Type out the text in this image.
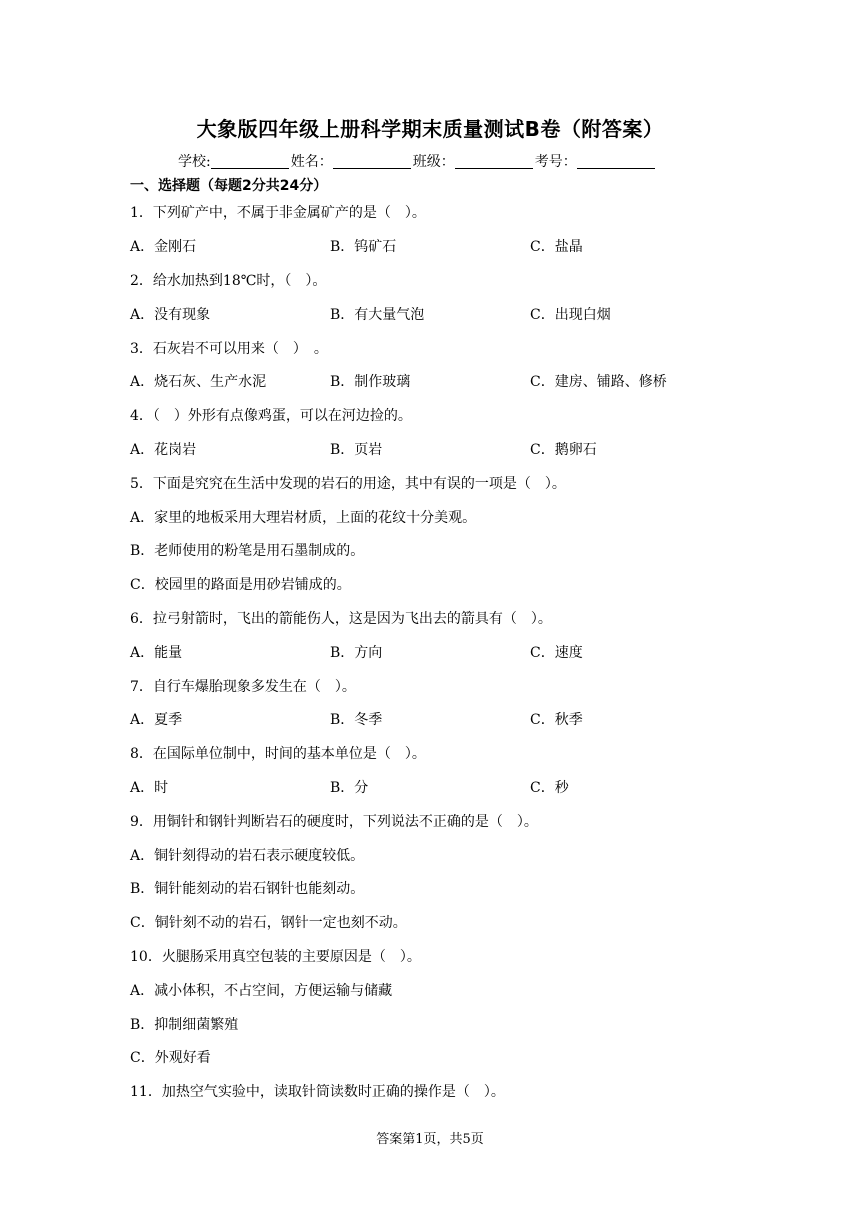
大象版四年级上册科学期末质量测试B卷（附答案）
学校:	姓名：	班级：	考号：
一、选择题（每题2分共24分）
1．下列矿产中，不属于非金属矿产的是（　）。
A．金刚石	B．钨矿石	C．盐晶
2．给水加热到18℃时，（　）。
A．没有现象	B．有大量气泡	C．出现白烟
3．石灰岩不可以用来（　）　。
A．烧石灰、生产水泥	B．制作玻璃	C．建房、铺路、修桥
4．（　）外形有点像鸡蛋，可以在河边捡的。
A．花岗岩	B．页岩	C．鹅卵石
5．下面是究究在生活中发现的岩石的用途，其中有误的一项是（　）。
A．家里的地板采用大理岩材质，上面的花纹十分美观。
B．老师使用的粉笔是用石墨制成的。
C．校园里的路面是用砂岩铺成的。
6．拉弓射箭时，飞出的箭能伤人，这是因为飞出去的箭具有（　）。
A．能量	B．方向	C．速度
7．自行车爆胎现象多发生在（　）。
A．夏季	B．冬季	C．秋季
8．在国际单位制中，时间的基本单位是（　）。
A．时	B．分	C．秒
9．用铜针和钢针判断岩石的硬度时，下列说法不正确的是（　）。
A．铜针刻得动的岩石表示硬度较低。
B．铜针能刻动的岩石钢针也能刻动。
C．铜针刻不动的岩石，钢针一定也刻不动。
10．火腿肠采用真空包装的主要原因是（　）。
A．减小体积，不占空间，方便运输与储藏
B．抑制细菌繁殖
C．外观好看
11．加热空气实验中，读取针筒读数时正确的操作是（　）。
答案第1页，共5页
